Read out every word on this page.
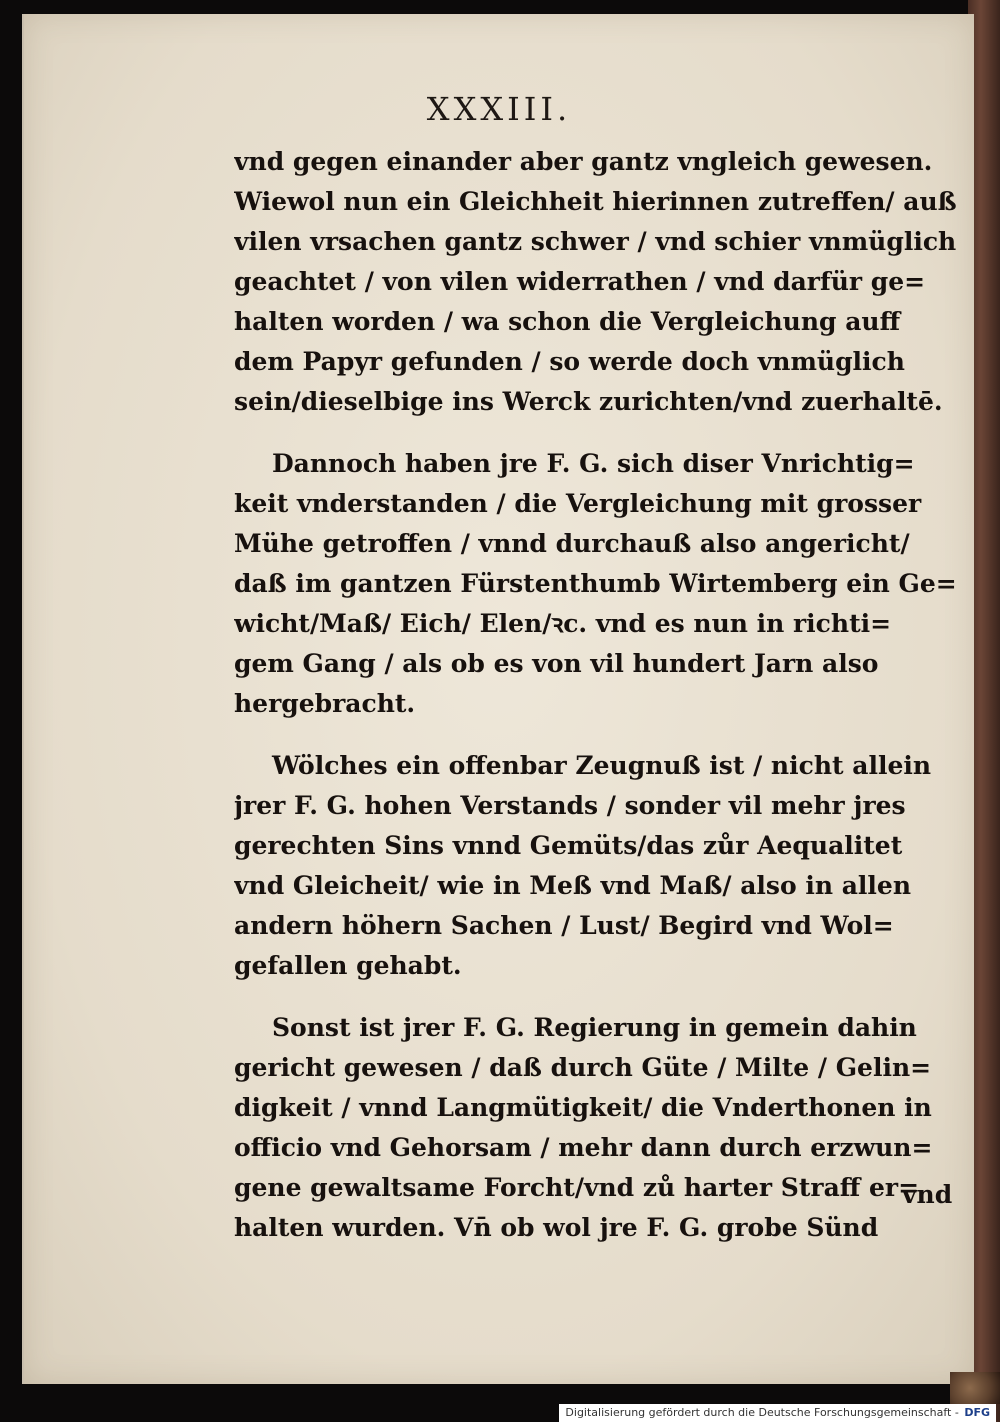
XXXIII.
vnd gegen einander aber gantz vngleich gewesen.
Wiewol nun ein Gleichheit hierinnen zutreffen/ auß
vilen vrsachen gantz schwer / vnd schier vnmüglich
geachtet / von vilen widerrathen / vnd darfür ge=
halten worden / wa schon die Vergleichung auff
dem Papyr gefunden / so werde doch vnmüglich
sein/dieselbige ins Werck zurichten/vnd zuerhaltē.
Dannoch haben jre F. G. sich diser Vnrichtig=
keit vnderstanden / die Vergleichung mit grosser
Mühe getroffen / vnnd durchauß also angericht/
daß im gantzen Fürstenthumb Wirtemberg ein Ge=
wicht/Maß/ Eich/ Elen/ꝛc. vnd es nun in richti=
gem Gang / als ob es von vil hundert Jarn also
hergebracht.
Wölches ein offenbar Zeugnuß ist / nicht allein
jrer F. G. hohen Verstands / sonder vil mehr jres
gerechten Sins vnnd Gemüts/das zůr Aequalitet
vnd Gleicheit/ wie in Meß vnd Maß/ also in allen
andern höhern Sachen / Lust/ Begird vnd Wol=
gefallen gehabt.
Sonst ist jrer F. G. Regierung in gemein dahin
gericht gewesen / daß durch Güte / Milte / Gelin=
digkeit / vnnd Langmütigkeit/ die Vnderthonen in
officio vnd Gehorsam / mehr dann durch erzwun=
gene gewaltsame Forcht/vnd zů harter Straff er=
halten wurden. Vn̄ ob wol jre F. G. grobe Sünd
vnd
Digitalisierung gefördert durch die Deutsche Forschungsgemeinschaft - DFG
